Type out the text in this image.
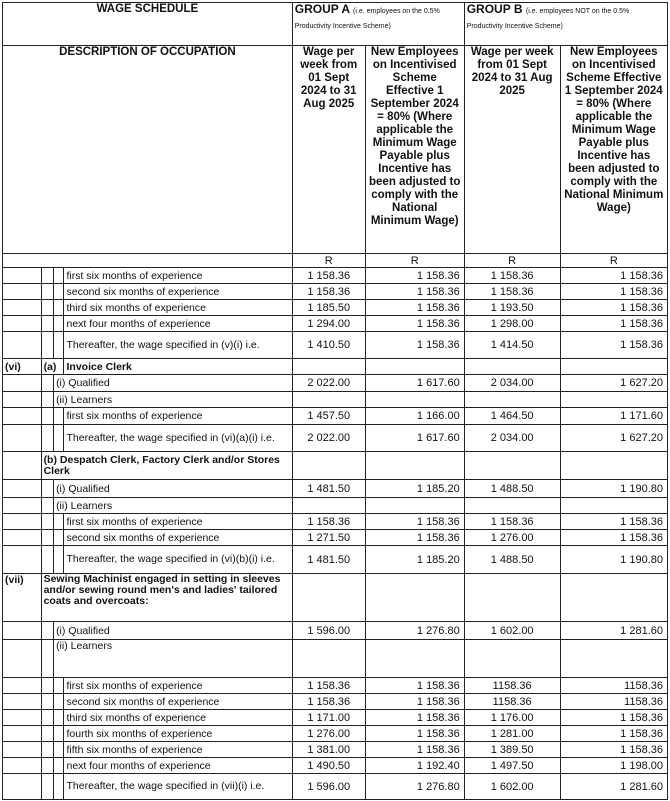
WAGE SCHEDULE				GROUP A (i.e. employees on the 0.5% Productivity Incentive Scheme)		GROUP B (i.e. employees NOT on the 0.5% Productivity Incentive Scheme)	
DESCRIPTION OF OCCUPATION				Wage per week from 01 Sept 2024 to 31 Aug 2025	New Employees on Incentivised Scheme Effective 1 September 2024 = 80% (Where applicable the Minimum Wage Payable plus Incentive has been adjusted to comply with the National Minimum Wage)	Wage per week from 01 Sept 2024 to 31 Aug 2025	New Employees on Incentivised Scheme Effective 1 September 2024 = 80% (Where applicable the Minimum Wage Payable plus Incentive has been adjusted to comply with the National Minimum Wage)
				R	R	R	R
			first six months of experience	1 158.36	1 158.36	1 158.36	1 158.36
			second six months of experience	1 158.36	1 158.36	1 158.36	1 158.36
			third six months of experience	1 185.50	1 158.36	1 193.50	1 158.36
			next four months of experience	1 294.00	1 158.36	1 298.00	1 158.36
			Thereafter, the wage specified in (v)(i) i.e.	1 410.50	1 158.36	1 414.50	1 158.36
(vi)	(a)		Invoice Clerk				
		(i) Qualified		2 022.00	1 617.60	2 034.00	1 627.20
		(ii) Learners					
			first six months of experience	1 457.50	1 166.00	1 464.50	1 171.60
			Thereafter, the wage specified in (vi)(a)(i) i.e.	2 022.00	1 617.60	2 034.00	1 627.20
	(b) Despatch Clerk, Factory Clerk and/or Stores Clerk						
		(i) Qualified		1 481.50	1 185.20	1 488.50	1 190.80
		(ii) Learners					
			first six months of experience	1 158.36	1 158.36	1 158.36	1 158.36
			second six months of experience	1 271.50	1 158.36	1 276.00	1 158.36
			Thereafter, the wage specified in (vi)(b)(i) i.e.	1 481.50	1 185.20	1 488.50	1 190.80
(vii)	Sewing Machinist engaged in setting in sleeves and/or sewing round men's and ladies' tailored coats and overcoats:						
		(i) Qualified		1 596.00	1 276.80	1 602.00	1 281.60
		(ii) Learners					
			first six months of experience	1 158.36	1 158.36	1158.36	1158.36
			second six months of experience	1 158.36	1 158.36	1158.36	1158.36
			third six months of experience	1 171.00	1 158.36	1 176.00	1 158.36
			fourth six months of experience	1 276.00	1 158.36	1 281.00	1 158.36
			fifth six months of experience	1 381.00	1 158.36	1 389.50	1 158.36
			next four months of experience	1 490.50	1 192.40	1 497.50	1 198.00
			Thereafter, the wage specified in (vii)(i) i.e.	1 596.00	1 276.80	1 602.00	1 281.60
